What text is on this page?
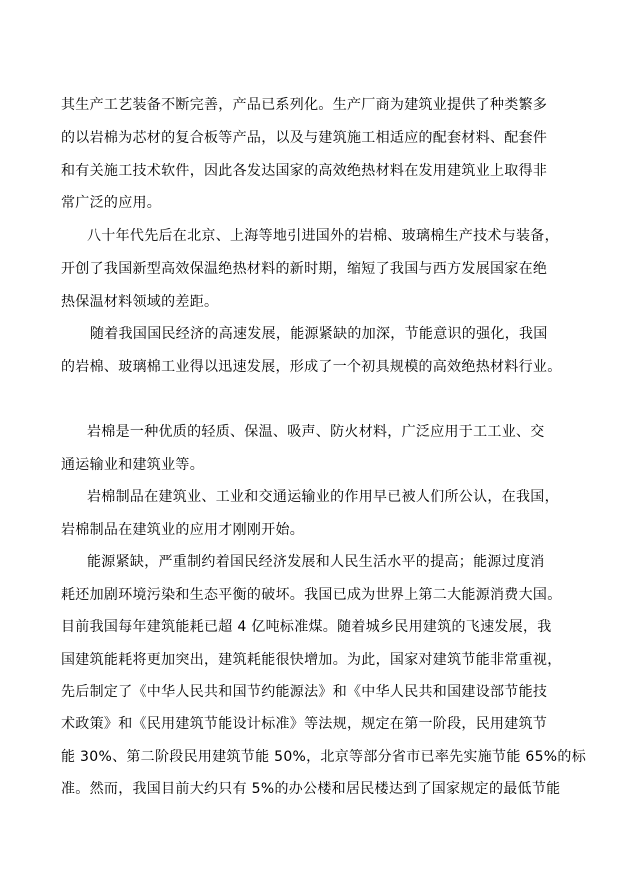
其生产工艺装备不断完善，产品已系列化。生产厂商为建筑业提供了种类繁多
的以岩棉为芯材的复合板等产品，以及与建筑施工相适应的配套材料、配套件
和有关施工技术软件，因此各发达国家的高效绝热材料在发用建筑业上取得非
常广泛的应用。
八十年代先后在北京、上海等地引进国外的岩棉、玻璃棉生产技术与装备，
开创了我国新型高效保温绝热材料的新时期，缩短了我国与西方发展国家在绝
热保温材料领域的差距。
随着我国国民经济的高速发展，能源紧缺的加深，节能意识的强化，我国
的岩棉、玻璃棉工业得以迅速发展，形成了一个初具规模的高效绝热材料行业。
岩棉是一种优质的轻质、保温、吸声、防火材料，广泛应用于工工业、交
通运输业和建筑业等。
岩棉制品在建筑业、工业和交通运输业的作用早已被人们所公认，在我国，
岩棉制品在建筑业的应用才刚刚开始。
能源紧缺，严重制约着国民经济发展和人民生活水平的提高；能源过度消
耗还加剧环境污染和生态平衡的破坏。我国已成为世界上第二大能源消费大国。
目前我国每年建筑能耗已超 4 亿吨标准煤。随着城乡民用建筑的飞速发展，我
国建筑能耗将更加突出，建筑耗能很快增加。为此，国家对建筑节能非常重视，
先后制定了《中华人民共和国节约能源法》和《中华人民共和国建设部节能技
术政策》和《民用建筑节能设计标准》等法规，规定在第一阶段，民用建筑节
能 30%、第二阶段民用建筑节能 50%，北京等部分省市已率先实施节能 65%的标
准。然而，我国目前大约只有 5%的办公楼和居民楼达到了国家规定的最低节能
